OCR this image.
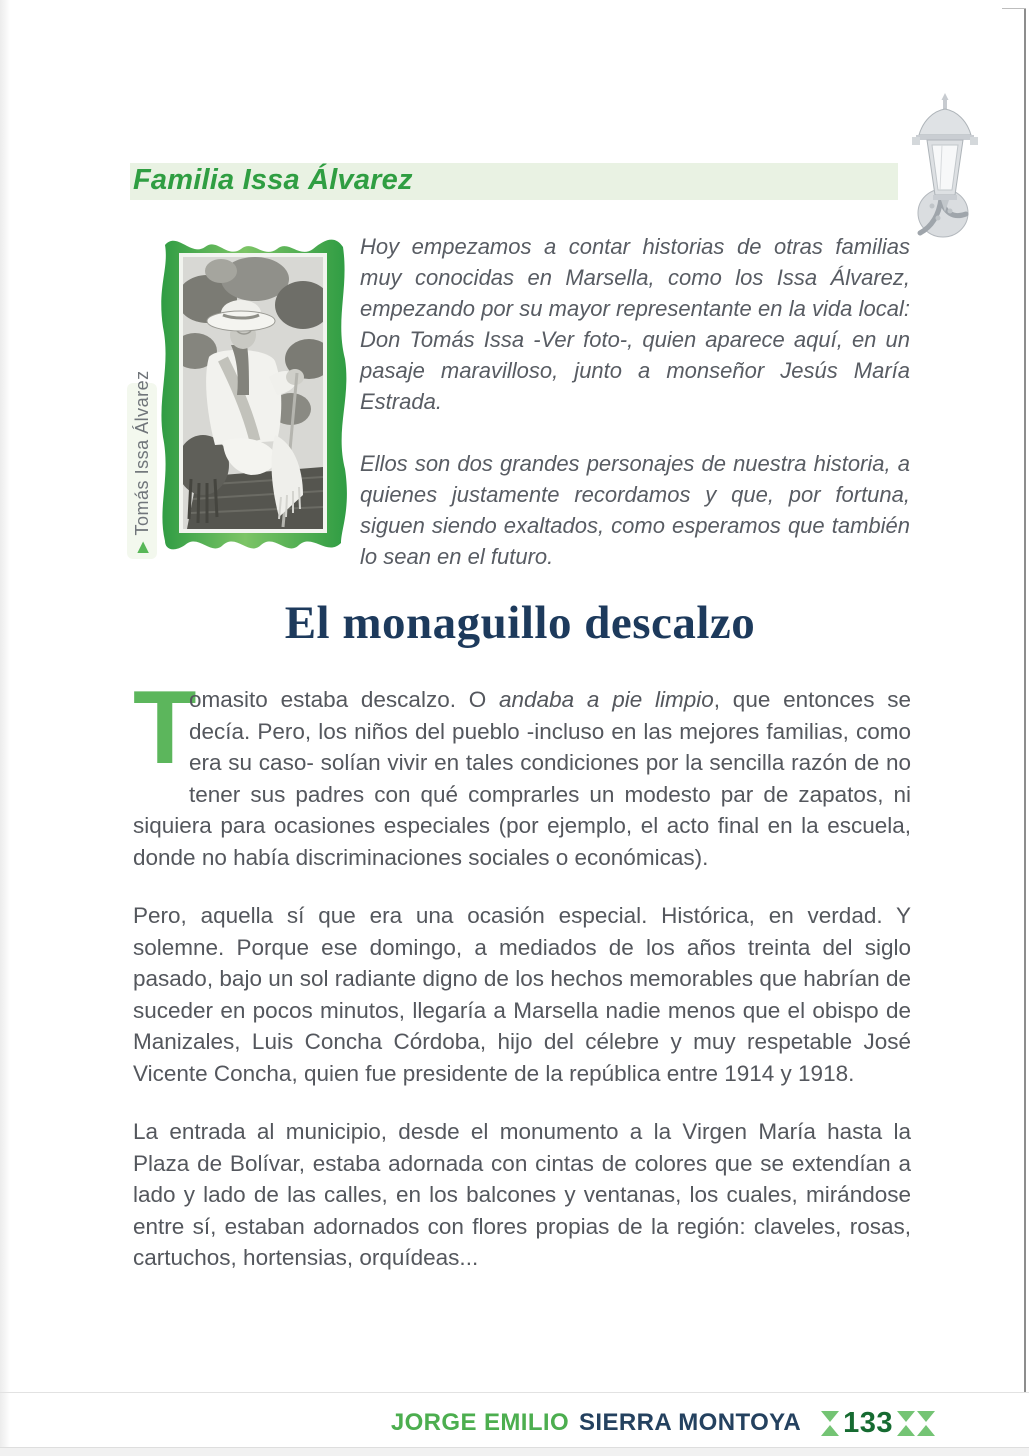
Familia Issa Álvarez
▶
Tomás Issa Álvarez

Hoy empezamos a contar historias de otras familias muy conocidas en Marsella, como los Issa Álvarez, empezando por su mayor representante en la vida local: Don Tomás Issa -Ver foto-, quien aparece aquí, en un pasaje maravilloso, junto a monseñor Jesús María Estrada.

Ellos son dos grandes personajes de nuestra historia, a quienes justamente recordamos y que, por fortuna, siguen siendo exaltados, como esperamos que también lo sean en el futuro.

El monaguillo descalzo

T
omasito estaba descalzo. O andaba a pie limpio, que entonces se decía. Pero, los niños del pueblo -incluso en las mejores familias, como era su caso- solían vivir en tales condiciones por la sencilla razón de no tener sus padres con qué comprarles un modesto par de zapatos, ni siquiera para ocasiones especiales (por ejemplo, el acto final en la escuela, donde no había discriminaciones sociales o económicas).

Pero, aquella sí que era una ocasión especial. Histórica, en verdad. Y solemne. Porque ese domingo, a mediados de los años treinta del siglo pasado, bajo un sol radiante digno de los hechos memorables que habrían de suceder en pocos minutos, llegaría a Marsella nadie menos que el obispo de Manizales, Luis Concha Córdoba, hijo del célebre y muy respetable José Vicente Concha, quien fue presidente de la república entre 1914 y 1918.

La entrada al municipio, desde el monumento a la Virgen María hasta la Plaza de Bolívar, estaba adornada con cintas de colores que se extendían a lado y lado de las calles, en los balcones y ventanas, los cuales, mirándose entre sí, estaban adornados con flores propias de la región: claveles, rosas, cartuchos, hortensias, orquídeas...

JORGE EMILIO SIERRA MONTOYA 133
